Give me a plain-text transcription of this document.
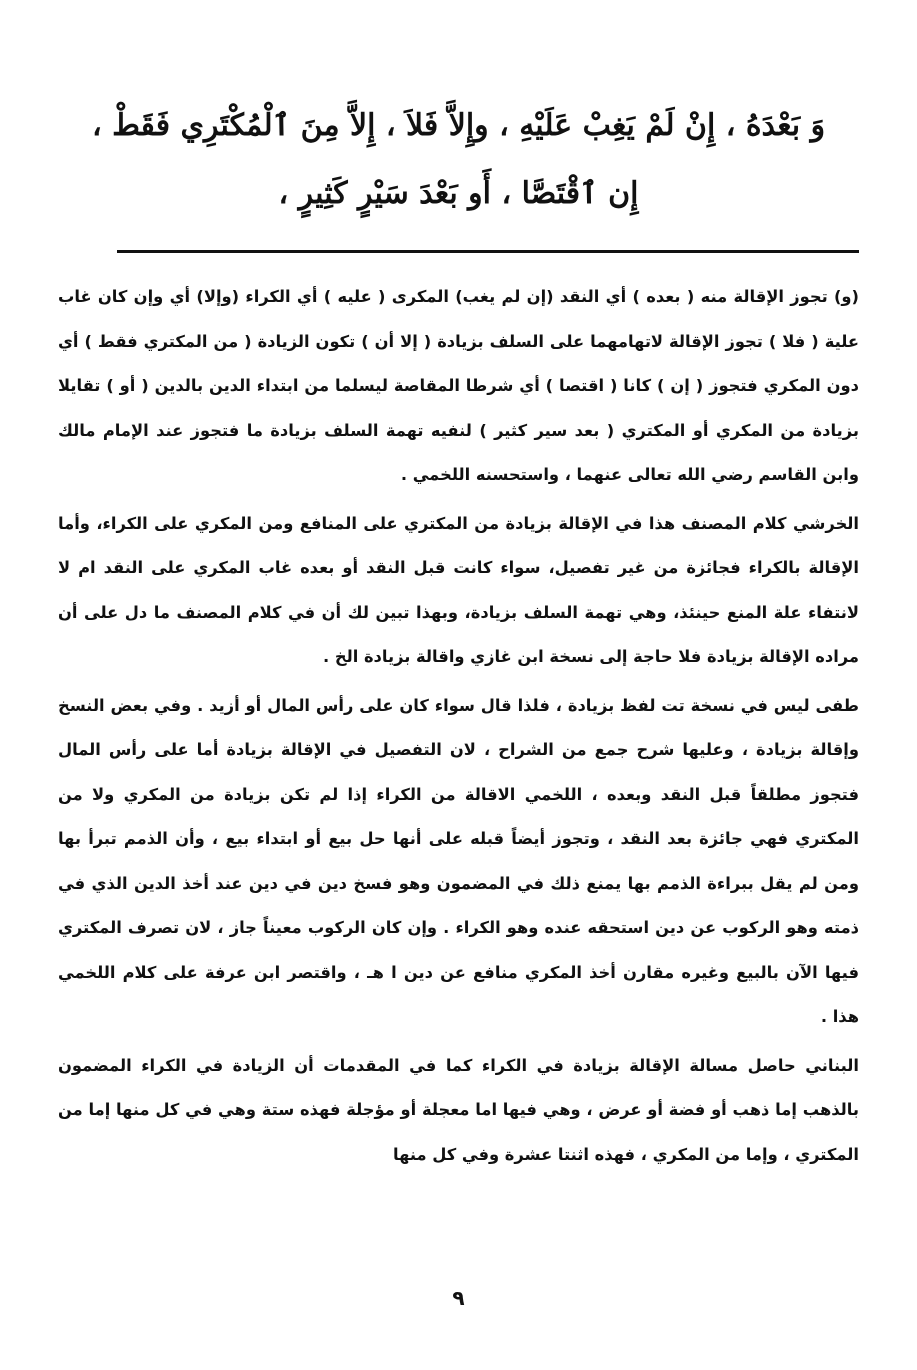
وَ بَعْدَهُ ، إِنْ لَمْ يَغِبْ عَلَيْهِ ، وإِلاَّ فَلاَ ، إِلاَّ مِنَ ٱلْمُكْتَرِي فَقَطْ ،
إِن ٱقْتَصَّا ، أَو بَعْدَ سَيْرٍ كَثِيرٍ ،

(و) تجوز الإقالة منه ( بعده ) أي النقد (إن لم يغب) المكرى ( عليه ) أي الكراء (وإلا) أي وإن كان غاب علية ( فلا ) تجوز الإقالة لاتهامهما على السلف بزيادة ( إلا أن ) تكون الزيادة ( من المكتري فقط ) أي دون المكري فتجوز ( إن ) كانا ( اقتصا ) أي شرطا المقاصة ليسلما من ابتداء الدين بالدين ( أو ) تقايلا بزيادة من المكري أو المكتري ( بعد سير كثير ) لنفيه تهمة السلف بزيادة ما فتجوز عند الإمام مالك وابن القاسم رضي الله تعالى عنهما ، واستحسنه اللخمي .

الخرشي كلام المصنف هذا في الإقالة بزيادة من المكتري على المنافع ومن المكري على الكراء، وأما الإقالة بالكراء فجائزة من غير تفصيل، سواء كانت قبل النقد أو بعده غاب المكري على النقد ام لا لانتفاء علة المنع حينئذ، وهي تهمة السلف بزيادة، وبهذا تبين لك أن في كلام المصنف ما دل على أن مراده الإقالة بزيادة فلا حاجة إلى نسخة ابن غازي واقالة بزيادة الخ .

طفى ليس في نسخة تت لفظ بزيادة ، فلذا قال سواء كان على رأس المال أو أزيد . وفي بعض النسخ وإقالة بزيادة ، وعليها شرح جمع من الشراح ، لان التفصيل في الإقالة بزيادة أما على رأس المال فتجوز مطلقاً قبل النقد وبعده ، اللخمي الاقالة من الكراء إذا لم تكن بزيادة من المكري ولا من المكتري فهي جائزة بعد النقد ، وتجوز أيضاً قبله على أنها حل بيع أو ابتداء بيع ، وأن الذمم تبرأ بها ومن لم يقل ببراءة الذمم بها يمنع ذلك في المضمون وهو فسخ دين في دين عند أخذ الدين الذي في ذمته وهو الركوب عن دين استحقه عنده وهو الكراء . وإن كان الركوب معيناً جاز ، لان تصرف المكتري فيها الآن بالبيع وغيره مقارن أخذ المكري منافع عن دين ا هـ ، واقتصر ابن عرفة على كلام اللخمي هذا .

البناني حاصل مسالة الإقالة بزيادة في الكراء كما في المقدمات أن الزيادة في الكراء المضمون بالذهب إما ذهب أو فضة أو عرض ، وهي فيها اما معجلة أو مؤجلة فهذه ستة وهي في كل منها إما من المكتري ، وإما من المكري ، فهذه اثنتا عشرة وفي كل منها

٩
